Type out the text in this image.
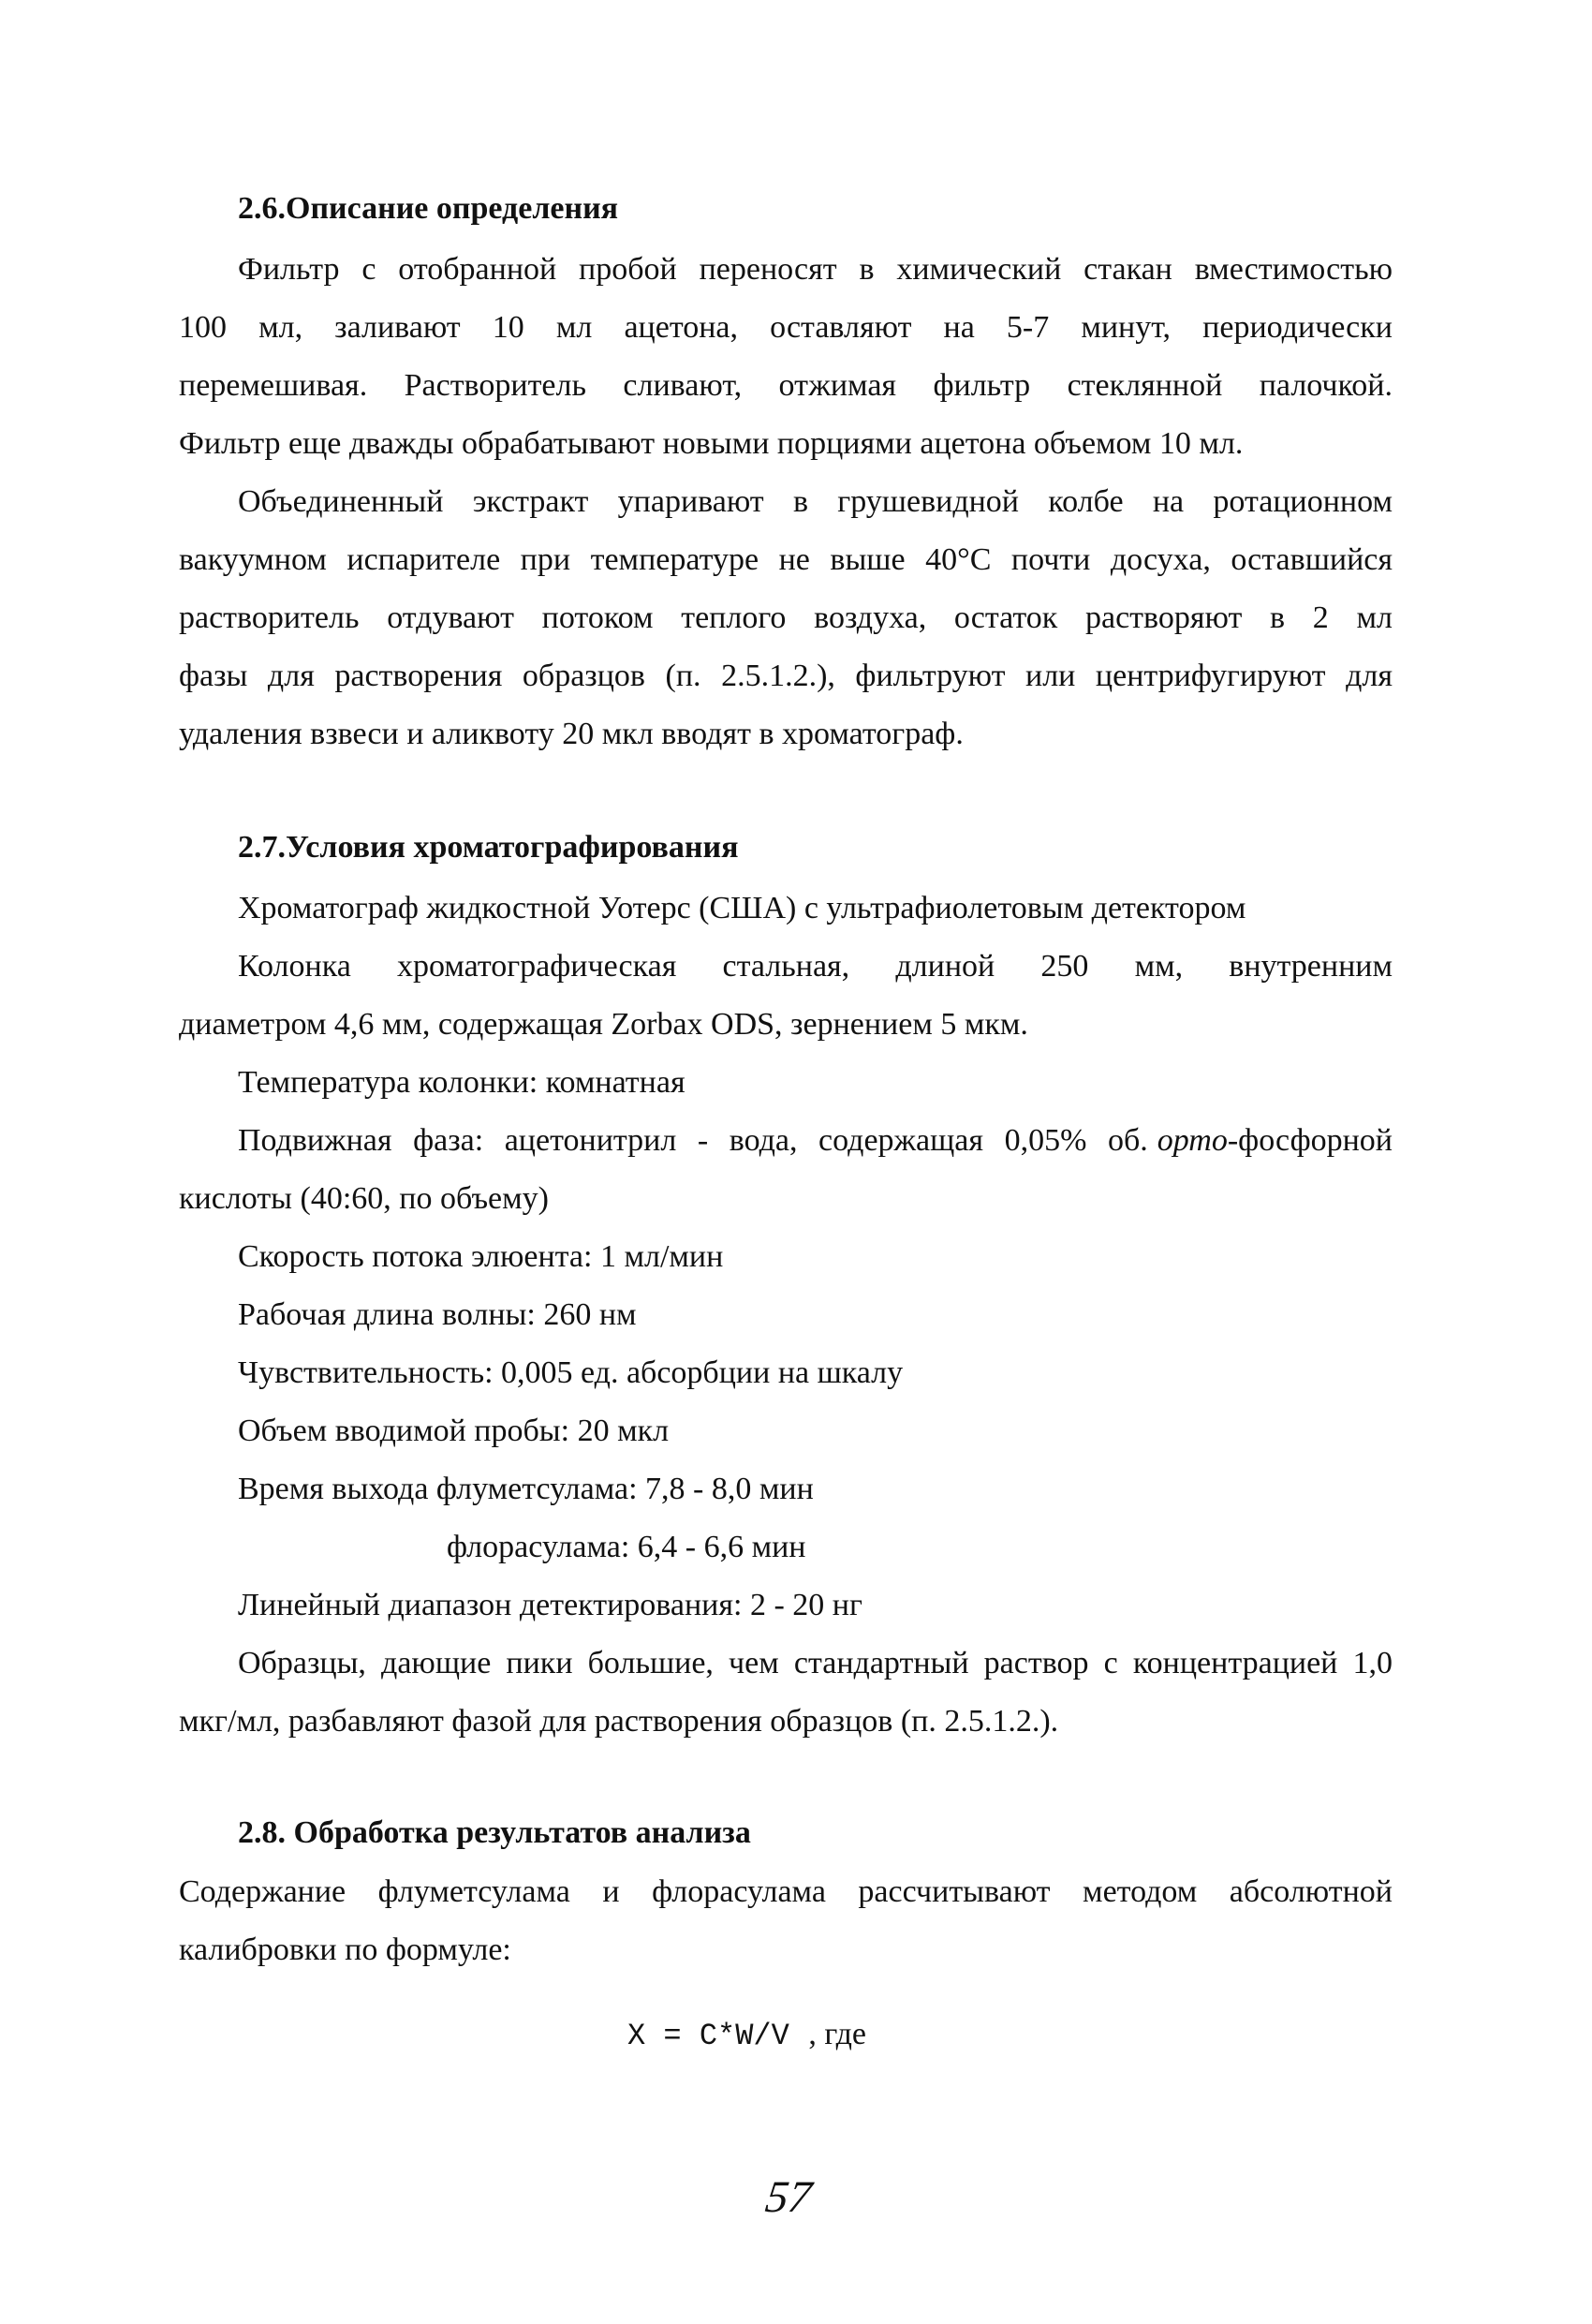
2.6.Описание определения
Фильтр с отобранной пробой переносят в химический стакан вместимостью
100 мл, заливают 10 мл ацетона, оставляют на 5-7 минут, периодически
перемешивая. Растворитель сливают, отжимая фильтр стеклянной палочкой.
Фильтр еще дважды обрабатывают новыми порциями ацетона объемом 10 мл.
Объединенный экстракт упаривают в грушевидной колбе на ротационном
вакуумном испарителе при температуре не выше 40°С почти досуха, оставшийся
растворитель отдувают потоком теплого воздуха, остаток растворяют в 2 мл
фазы для растворения образцов (п. 2.5.1.2.), фильтруют или центрифугируют для
удаления взвеси и аликвоту 20 мкл вводят в хроматограф.
2.7.Условия хроматографирования
Хроматограф жидкостной Уотерс (США) с ультрафиолетовым детектором
Колонка хроматографическая стальная, длиной 250 мм, внутренним
диаметром 4,6 мм, содержащая Zorbax ODS, зернением 5 мкм.
Температура колонки: комнатная
Подвижная фаза: ацетонитрил - вода, содержащая 0,05% об. орто -фосфорной
кислоты (40:60, по объему)
Скорость потока элюента: 1 мл/мин
Рабочая длина волны: 260 нм
Чувствительность: 0,005 ед. абсорбции на шкалу
Объем вводимой пробы: 20 мкл
Время выхода флуметсулама: 7,8 - 8,0 мин
флорасулама: 6,4 - 6,6 мин
Линейный диапазон детектирования: 2 - 20 нг
Образцы, дающие пики большие, чем стандартный раствор с концентрацией 1,0
мкг/мл, разбавляют фазой для растворения образцов (п. 2.5.1.2.).
2.8. Обработка результатов анализа
Содержание флуметсулама и флорасулама рассчитывают методом абсолютной
калибровки по формуле:
X = C*W/V , где
57
